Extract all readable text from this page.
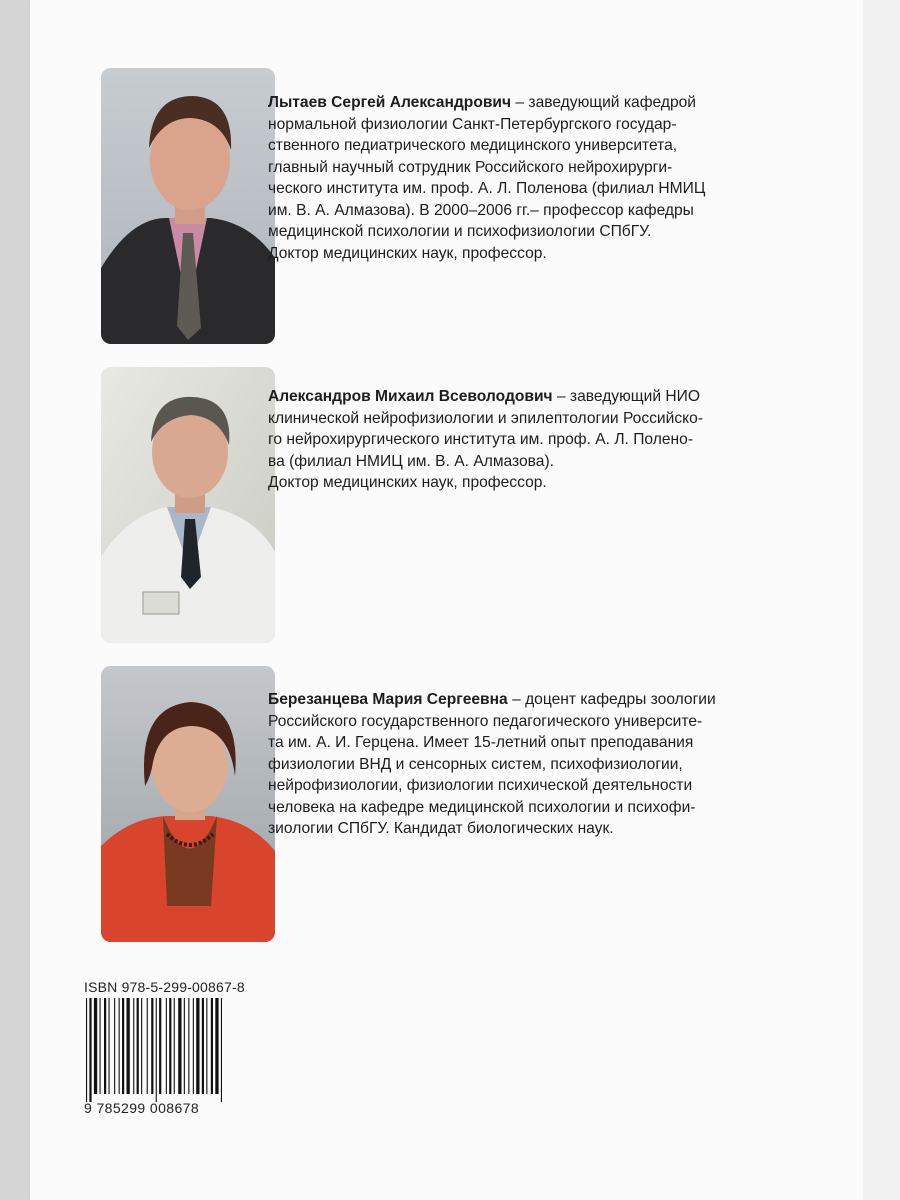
Лытаев Сергей Александрович – заведующий кафедрой
нормальной физиологии Санкт-Петербургского государ-
ственного педиатрического медицинского университета,
главный научный сотрудник Российского нейрохирурги-
ческого института им. проф. А. Л. Поленова (филиал НМИЦ
им. В. А. Алмазова). В 2000–2006 гг.– профессор кафедры
медицинской психологии и психофизиологии СПбГУ.
Доктор медицинских наук, профессор.
Александров Михаил Всеволодович – заведующий НИО
клинической нейрофизиологии и эпилептологии Российско-
го нейрохирургического института им. проф. А. Л. Поленo-
ва (филиал НМИЦ им. В. А. Алмазова).
Доктор медицинских наук, профессор.
Березанцева Мария Сергеевна – доцент кафедры зоологии
Российского государственного педагогического университе-
та им. А. И. Герцена. Имеет 15-летний опыт преподавания
физиологии ВНД и сенсорных систем, психофизиологии,
нейрофизиологии, физиологии психической деятельности
человека на кафедре медицинской психологии и психофи-
зиологии СПбГУ. Кандидат биологических наук.
ISBN 978-5-299-00867-8
9 785299 008678
